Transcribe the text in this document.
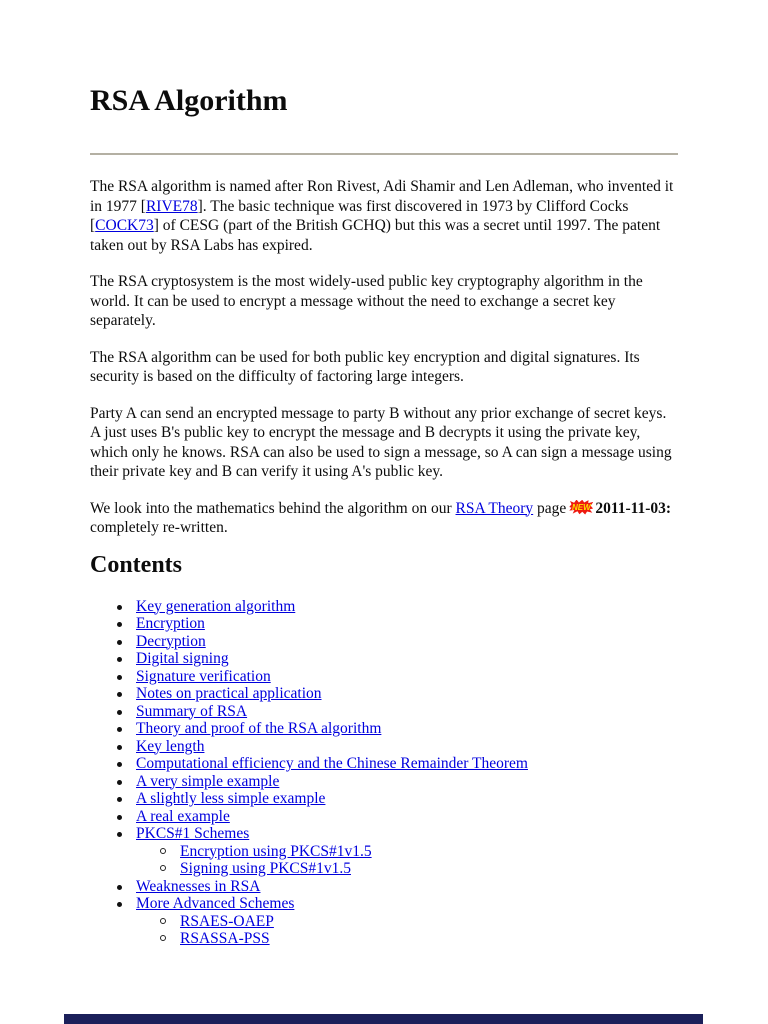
RSA Algorithm

The RSA algorithm is named after Ron Rivest, Adi Shamir and Len Adleman, who invented it in 1977 [RIVE78]. The basic technique was first discovered in 1973 by Clifford Cocks [COCK73] of CESG (part of the British GCHQ) but this was a secret until 1997. The patent taken out by RSA Labs has expired.

The RSA cryptosystem is the most widely-used public key cryptography algorithm in the world. It can be used to encrypt a message without the need to exchange a secret key separately.

The RSA algorithm can be used for both public key encryption and digital signatures. Its security is based on the difficulty of factoring large integers.

Party A can send an encrypted message to party B without any prior exchange of secret keys. A just uses B's public key to encrypt the message and B decrypts it using the private key, which only he knows. RSA can also be used to sign a message, so A can sign a message using their private key and B can verify it using A's public key.

We look into the mathematics behind the algorithm on our RSA Theory page NEW 2011-11-03: completely re-written.

Contents
Key generation algorithm
Encryption
Decryption
Digital signing
Signature verification
Notes on practical application
Summary of RSA
Theory and proof of the RSA algorithm
Key length
Computational efficiency and the Chinese Remainder Theorem
A very simple example
A slightly less simple example
A real example
PKCS#1 Schemes
Encryption using PKCS#1v1.5
Signing using PKCS#1v1.5
Weaknesses in RSA
More Advanced Schemes
RSAES-OAEP
RSASSA-PSS
